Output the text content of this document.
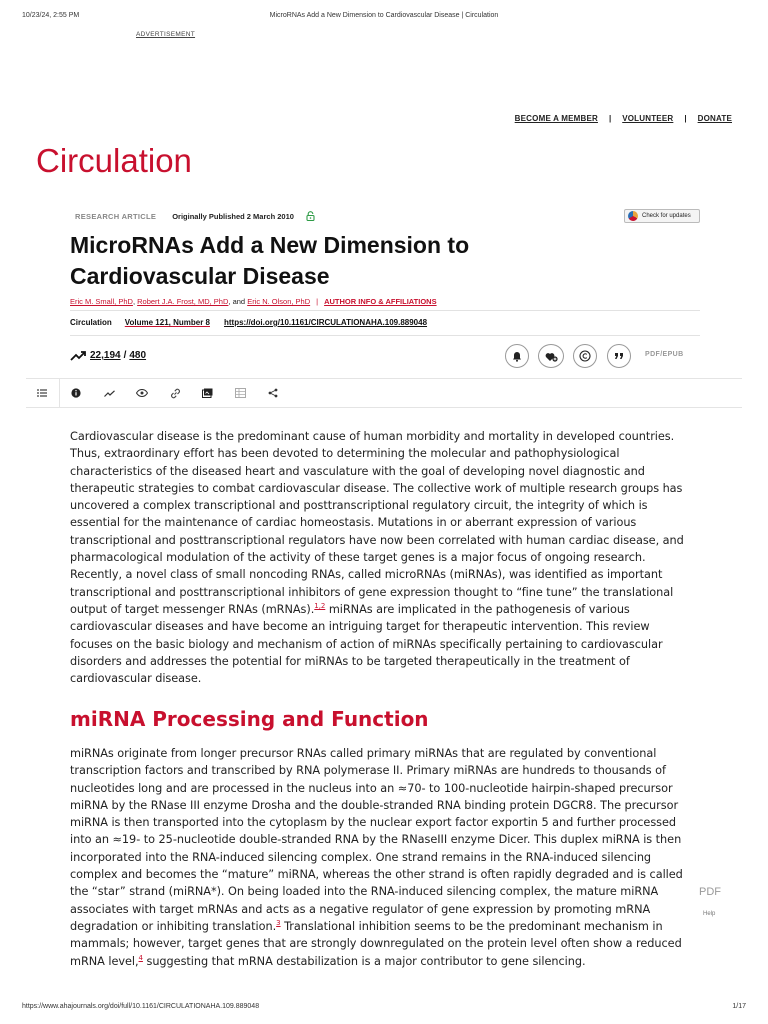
10/23/24, 2:55 PM	MicroRNAs Add a New Dimension to Cardiovascular Disease | Circulation
ADVERTISEMENT
BECOME A MEMBER | VOLUNTEER | DONATE
Circulation
RESEARCH ARTICLE Originally Published 2 March 2010	Check for updates
MicroRNAs Add a New Dimension to Cardiovascular Disease
Eric M. Small, PhD ,
Robert J.A. Frost, MD, PhD , and
Eric N. Olson, PhD | AUTHOR INFO & AFFILIATIONS
Circulation Volume 121, Number 8 https://doi.org/10.1161/CIRCULATIONAHA.109.889048
22,194 / 480	PDF/EPUB

Cardiovascular disease is the predominant cause of human morbidity and mortality in developed countries. Thus, extraordinary effort has been devoted to determining the molecular and pathophysiological characteristics of the diseased heart and vasculature with the goal of developing novel diagnostic and therapeutic strategies to combat cardiovascular disease. The collective work of multiple research groups has uncovered a complex transcriptional and posttranscriptional regulatory circuit, the integrity of which is essential for the maintenance of cardiac homeostasis. Mutations in or aberrant expression of various transcriptional and posttranscriptional regulators have now been correlated with human cardiac disease, and pharmacological modulation of the activity of these target genes is a major focus of ongoing research. Recently, a novel class of small noncoding RNAs, called microRNAs (miRNAs), was identified as important transcriptional and posttranscriptional inhibitors of gene expression thought to “fine tune” the translational output of target messenger RNAs (mRNAs).$^{1,2}$ miRNAs are implicated in the pathogenesis of various cardiovascular diseases and have become an intriguing target for therapeutic intervention. This review focuses on the basic biology and mechanism of action of miRNAs specifically pertaining to cardiovascular disorders and addresses the potential for miRNAs to be targeted therapeutically in the treatment of cardiovascular disease.

miRNA Processing and Function

miRNAs originate from longer precursor RNAs called primary miRNAs that are regulated by conventional transcription factors and transcribed by RNA polymerase II. Primary miRNAs are hundreds to thousands of nucleotides long and are processed in the nucleus into an ≈70- to 100-nucleotide hairpin-shaped precursor miRNA by the RNase III enzyme Drosha and the double-stranded RNA binding protein DGCR8. The precursor miRNA is then transported into the cytoplasm by the nuclear export factor exportin 5 and further processed into an ≈19- to 25-nucleotide double-stranded RNA by the RNaseIII enzyme Dicer. This duplex miRNA is then incorporated into the RNA-induced silencing complex. One strand remains in the RNA-induced silencing complex and becomes the “mature” miRNA, whereas the other strand is often rapidly degraded and is called the “star” strand (miRNA*). On being loaded into the RNA-induced silencing complex, the mature miRNA associates with target mRNAs and acts as a negative regulator of gene expression by promoting mRNA degradation or inhibiting translation.$^3$ Translational inhibition seems to be the predominant mechanism in mammals; however, target genes that are strongly downregulated on the protein level often show a reduced mRNA level,$^4$ suggesting that mRNA destabilization is a major contributor to gene silencing.

PDF
Help
https://www.ahajournals.org/doi/full/10.1161/CIRCULATIONAHA.109.889048	1/17
